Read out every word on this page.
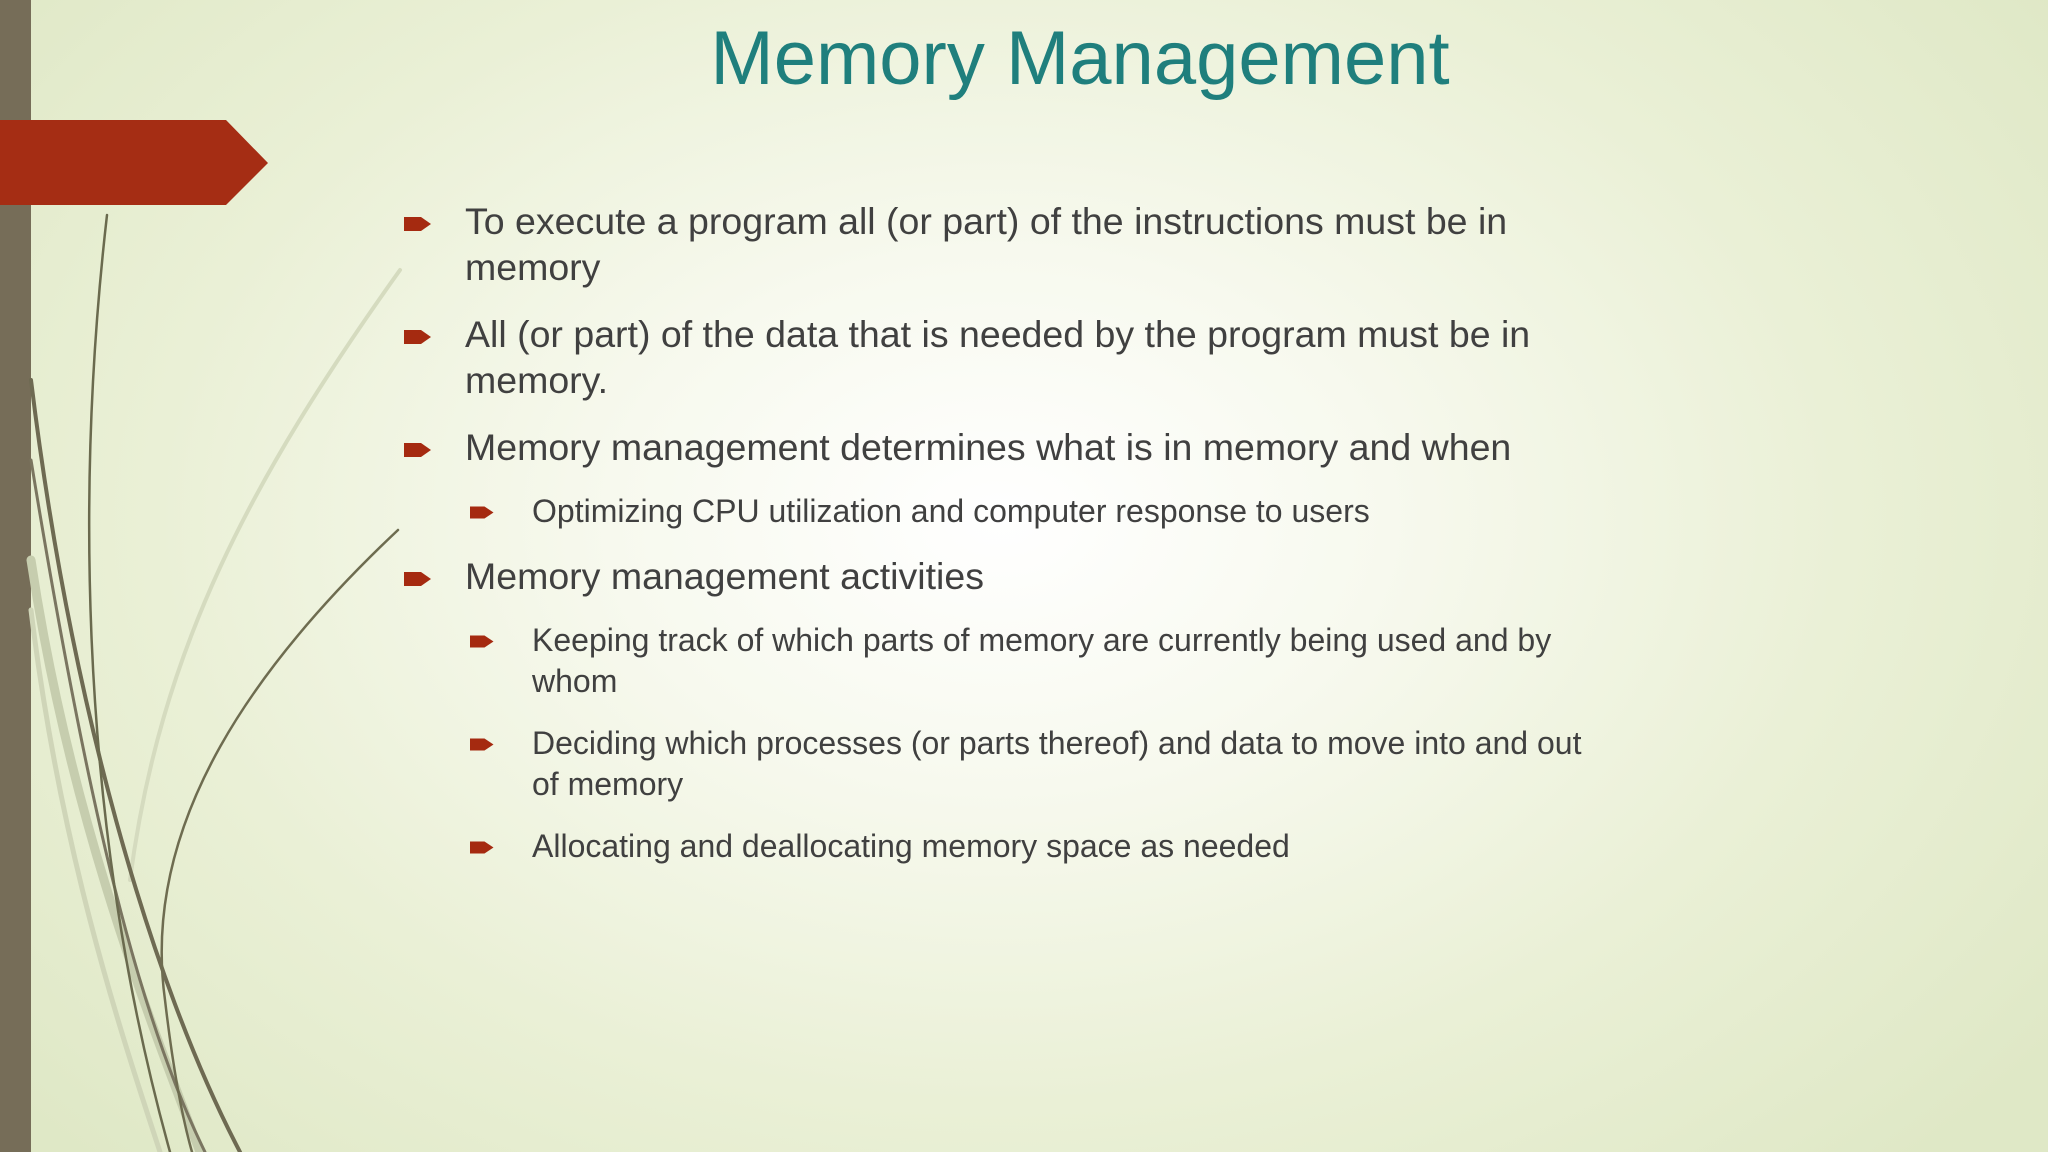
Memory Management
To execute a program all (or part) of the instructions must be in memory
All (or part) of the data that is needed by the program must be in memory.
Memory management determines what is in memory and when
Optimizing CPU utilization and computer response to users
Memory management activities
Keeping track of which parts of memory are currently being used and by whom
Deciding which processes (or parts thereof) and data to move into and out of memory
Allocating and deallocating memory space as needed
